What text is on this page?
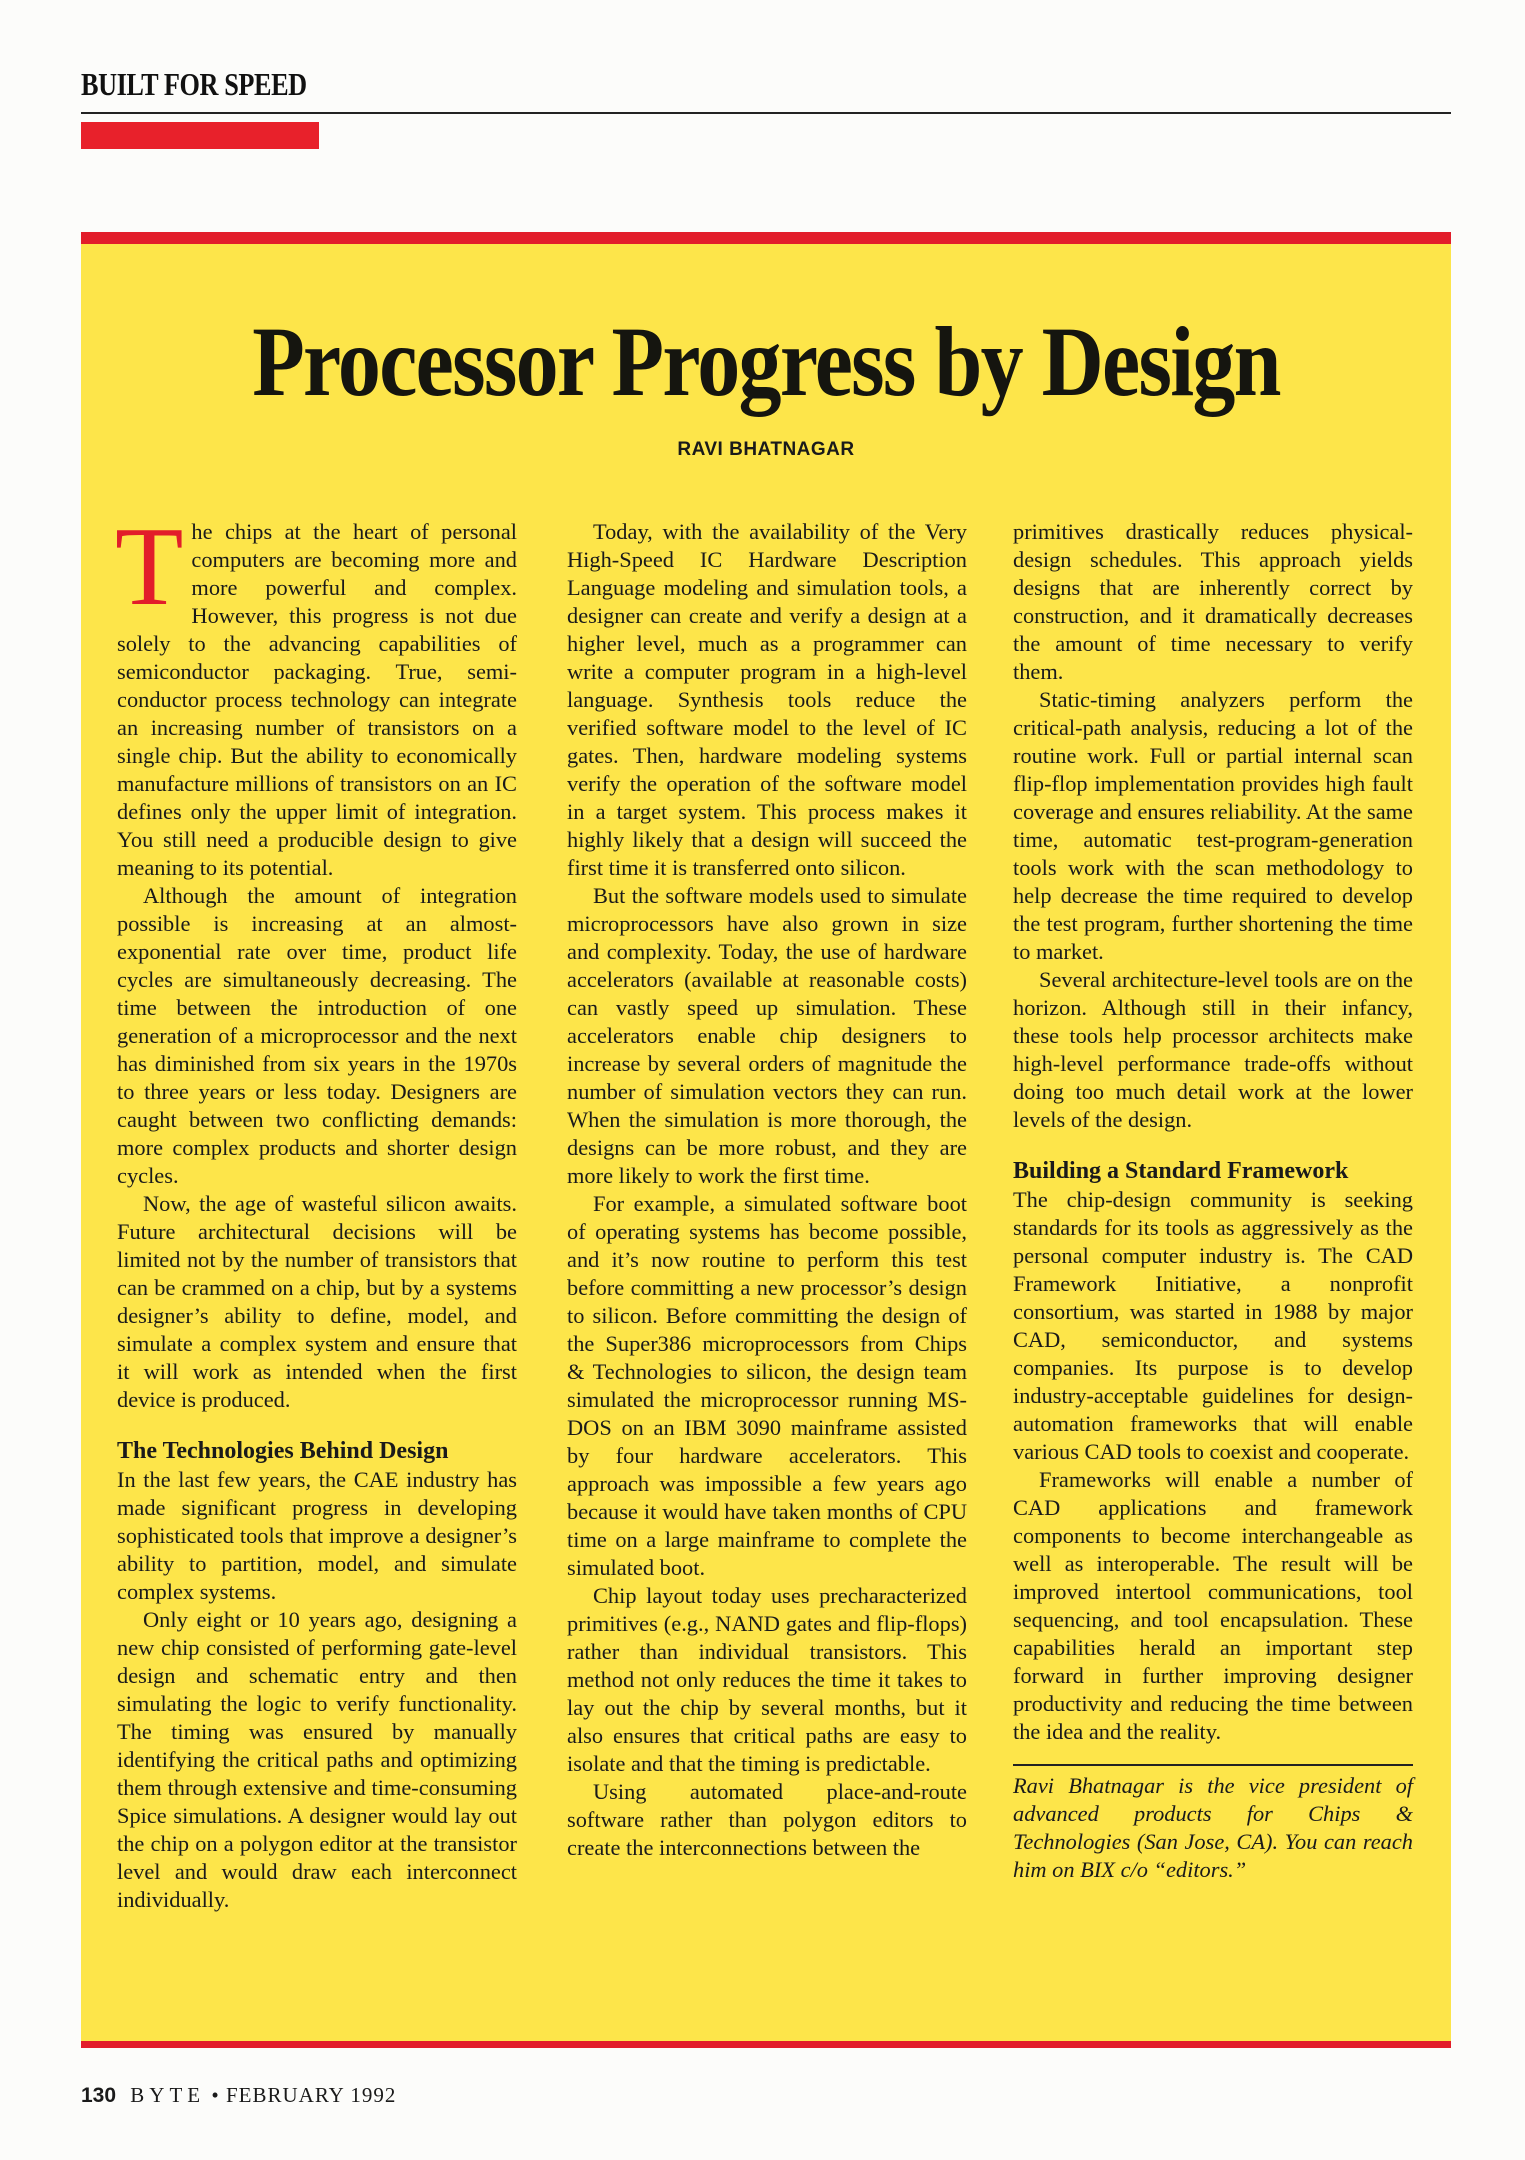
BUILT FOR SPEED
Processor Progress by Design
RAVI BHATNAGAR

The chips at the heart of personal computers are becoming more and more powerful and complex. However, this progress is not due solely to the advancing capabilities of semiconductor packaging. True, semiconductor process technology can integrate an increasing number of transistors on a single chip. But the ability to economically manufacture millions of transistors on an IC defines only the upper limit of integration. You still need a producible design to give meaning to its potential.

Although the amount of integration possible is increasing at an almost-exponential rate over time, product life cycles are simultaneously decreasing. The time between the introduction of one generation of a microprocessor and the next has diminished from six years in the 1970s to three years or less today. Designers are caught between two conflicting demands: more complex products and shorter design cycles.

Now, the age of wasteful silicon awaits. Future architectural decisions will be limited not by the number of transistors that can be crammed on a chip, but by a systems designer’s ability to define, model, and simulate a complex system and ensure that it will work as intended when the first device is produced.

The Technologies Behind Design

In the last few years, the CAE industry has made significant progress in developing sophisticated tools that improve a designer’s ability to partition, model, and simulate complex systems.

Only eight or 10 years ago, designing a new chip consisted of performing gate-level design and schematic entry and then simulating the logic to verify functionality. The timing was ensured by manually identifying the critical paths and optimizing them through extensive and time-consuming Spice simulations. A designer would lay out the chip on a polygon editor at the transistor level and would draw each interconnect individually.

Today, with the availability of the Very High-Speed IC Hardware Description Language modeling and simulation tools, a designer can create and verify a design at a higher level, much as a programmer can write a computer program in a high-level language. Synthesis tools reduce the verified software model to the level of IC gates. Then, hardware modeling systems verify the operation of the software model in a target system. This process makes it highly likely that a design will succeed the first time it is transferred onto silicon.

But the software models used to simulate microprocessors have also grown in size and complexity. Today, the use of hardware accelerators (available at reasonable costs) can vastly speed up simulation. These accelerators enable chip designers to increase by several orders of magnitude the number of simulation vectors they can run. When the simulation is more thorough, the designs can be more robust, and they are more likely to work the first time.

For example, a simulated software boot of operating systems has become possible, and it’s now routine to perform this test before committing a new processor’s design to silicon. Before committing the design of the Super386 microprocessors from Chips & Technologies to silicon, the design team simulated the microprocessor running MS-DOS on an IBM 3090 mainframe assisted by four hardware accelerators. This approach was impossible a few years ago because it would have taken months of CPU time on a large mainframe to complete the simulated boot.

Chip layout today uses precharacterized primitives (e.g., NAND gates and flip-flops) rather than individual transistors. This method not only reduces the time it takes to lay out the chip by several months, but it also ensures that critical paths are easy to isolate and that the timing is predictable.

Using automated place-and-route software rather than polygon editors to create the interconnections between the

primitives drastically reduces physical-design schedules. This approach yields designs that are inherently correct by construction, and it dramatically decreases the amount of time necessary to verify them.

Static-timing analyzers perform the critical-path analysis, reducing a lot of the routine work. Full or partial internal scan flip-flop implementation provides high fault coverage and ensures reliability. At the same time, automatic test-program-generation tools work with the scan methodology to help decrease the time required to develop the test program, further shortening the time to market.

Several architecture-level tools are on the horizon. Although still in their infancy, these tools help processor architects make high-level performance trade-offs without doing too much detail work at the lower levels of the design.

Building a Standard Framework

The chip-design community is seeking standards for its tools as aggressively as the personal computer industry is. The CAD Framework Initiative, a nonprofit consortium, was started in 1988 by major CAD, semiconductor, and systems companies. Its purpose is to develop industry-acceptable guidelines for design-automation frameworks that will enable various CAD tools to coexist and cooperate.

Frameworks will enable a number of CAD applications and framework components to become interchangeable as well as interoperable. The result will be improved intertool communications, tool sequencing, and tool encapsulation. These capabilities herald an important step forward in further improving designer productivity and reducing the time between the idea and the reality.

Ravi Bhatnagar is the vice president of advanced products for Chips & Technologies (San Jose, CA). You can reach him on BIX c/o “editors.”

130 BYTE • FEBRUARY 1992
